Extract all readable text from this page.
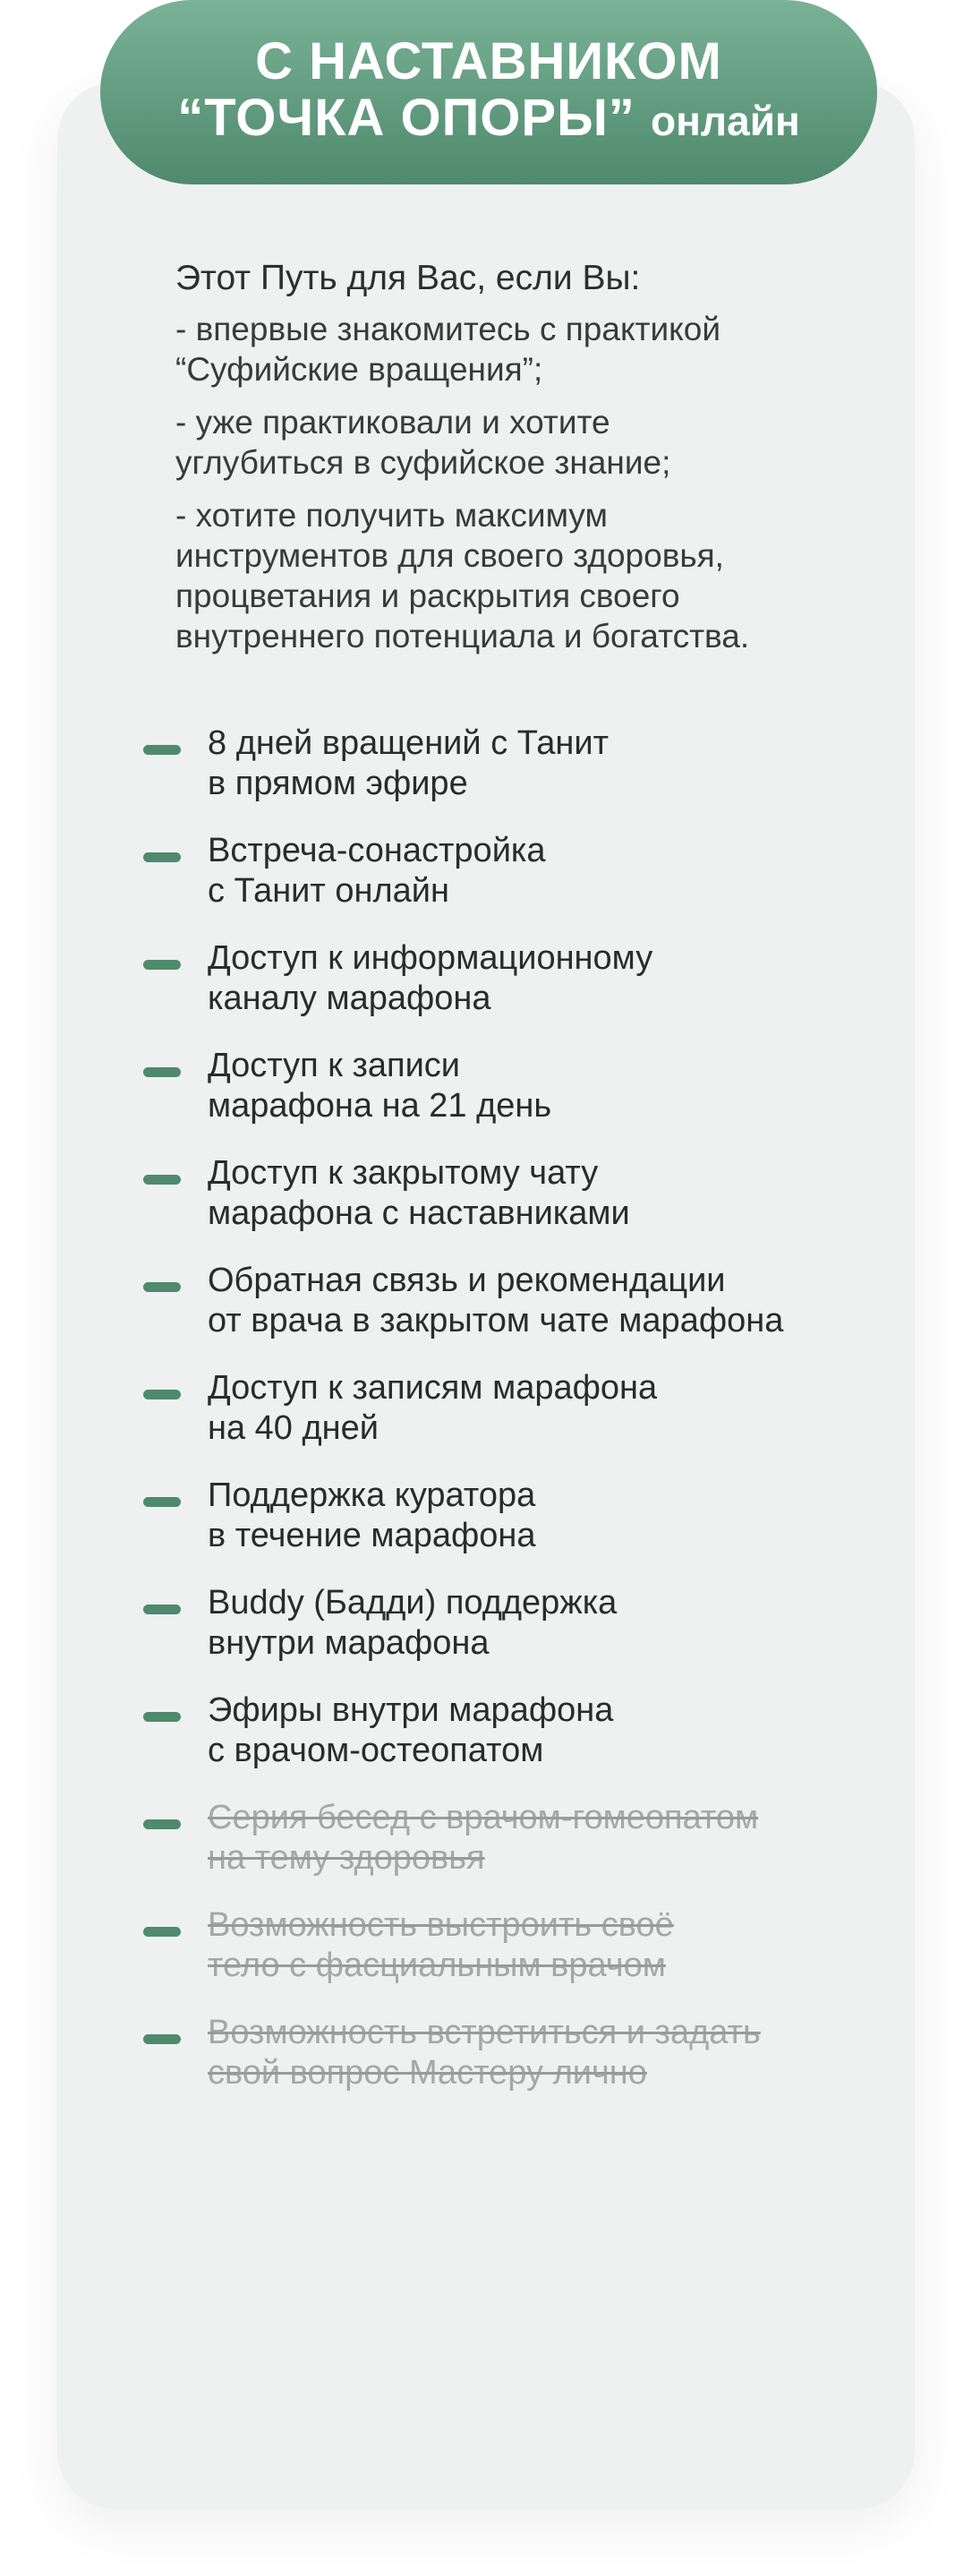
С НАСТАВНИКОМ
“ТОЧКА ОПОРЫ” онлайн
Этот Путь для Вас, если Вы:
- впервые знакомитесь с практикой
“Суфийские вращения”;
- уже практиковали и хотите
углубиться в суфийское знание;
- хотите получить максимум
инструментов для своего здоровья,
процветания и раскрытия своего
внутреннего потенциала и богатства.
8 дней вращений с Танит
в прямом эфире
Встреча-сонастройка
с Танит онлайн
Доступ к информационному
каналу марафона
Доступ к записи
марафона на 21 день
Доступ к закрытому чату
марафона с наставниками
Обратная связь и рекомендации
от врача в закрытом чате марафона
Доступ к записям марафона
на 40 дней
Поддержка куратора
в течение марафона
Buddy (Бадди) поддержка
внутри марафона
Эфиры внутри марафона
с врачом-остеопатом
Серия бесед с врачом-гомеопатом
на тему здоровья
Возможность выстроить своё
тело с фасциальным врачом
Возможность встретиться и задать
свой вопрос Мастеру лично
